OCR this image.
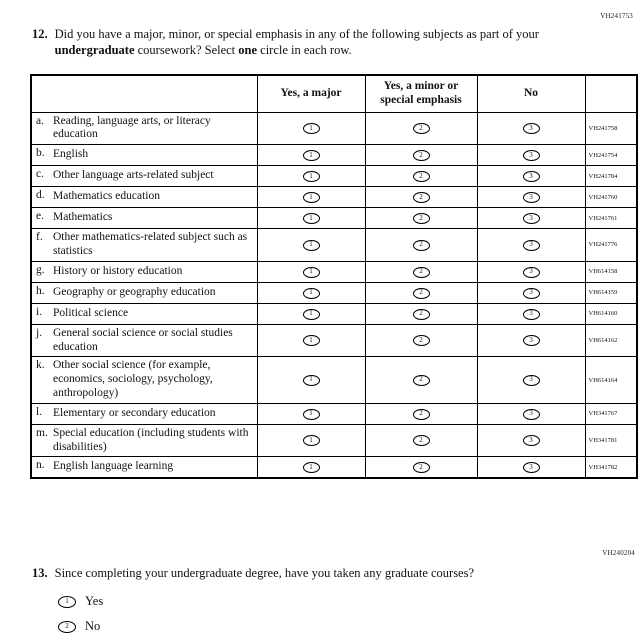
VH241753
12. Did you have a major, minor, or special emphasis in any of the following subjects as part of your undergraduate coursework? Select one circle in each row.
	Yes, a major	Yes, a minor or
special emphasis	No	

a. Reading, language arts, or literacy education	1	2	3	VH241758

b. English	1	2	3	VH241754

c. Other language arts-related subject	1	2	3	VH241784

d. Mathematics education	1	2	3	VH241760

e. Mathematics	1	2	3	VH241761

f. Other mathematics-related subject such as statistics	1	2	3	VH241776

g. History or history education	1	2	3	VH614158

h. Geography or geography education	1	2	3	VH614159

i. Political science	1	2	3	VH614160

j. General social science or social studies education	1	2	3	VH614162

k. Other social science (for example, economics, sociology, psychology, anthropology)	1	2	3	VH614164

l. Elementary or secondary education	1	2	3	VH341767

m. Special education (including students with disabilities)	1	2	3	VH341781

n. English language learning	1	2	3	VH341782
VH240204
13. Since completing your undergraduate degree, have you taken any graduate courses?
1 Yes
2 No
